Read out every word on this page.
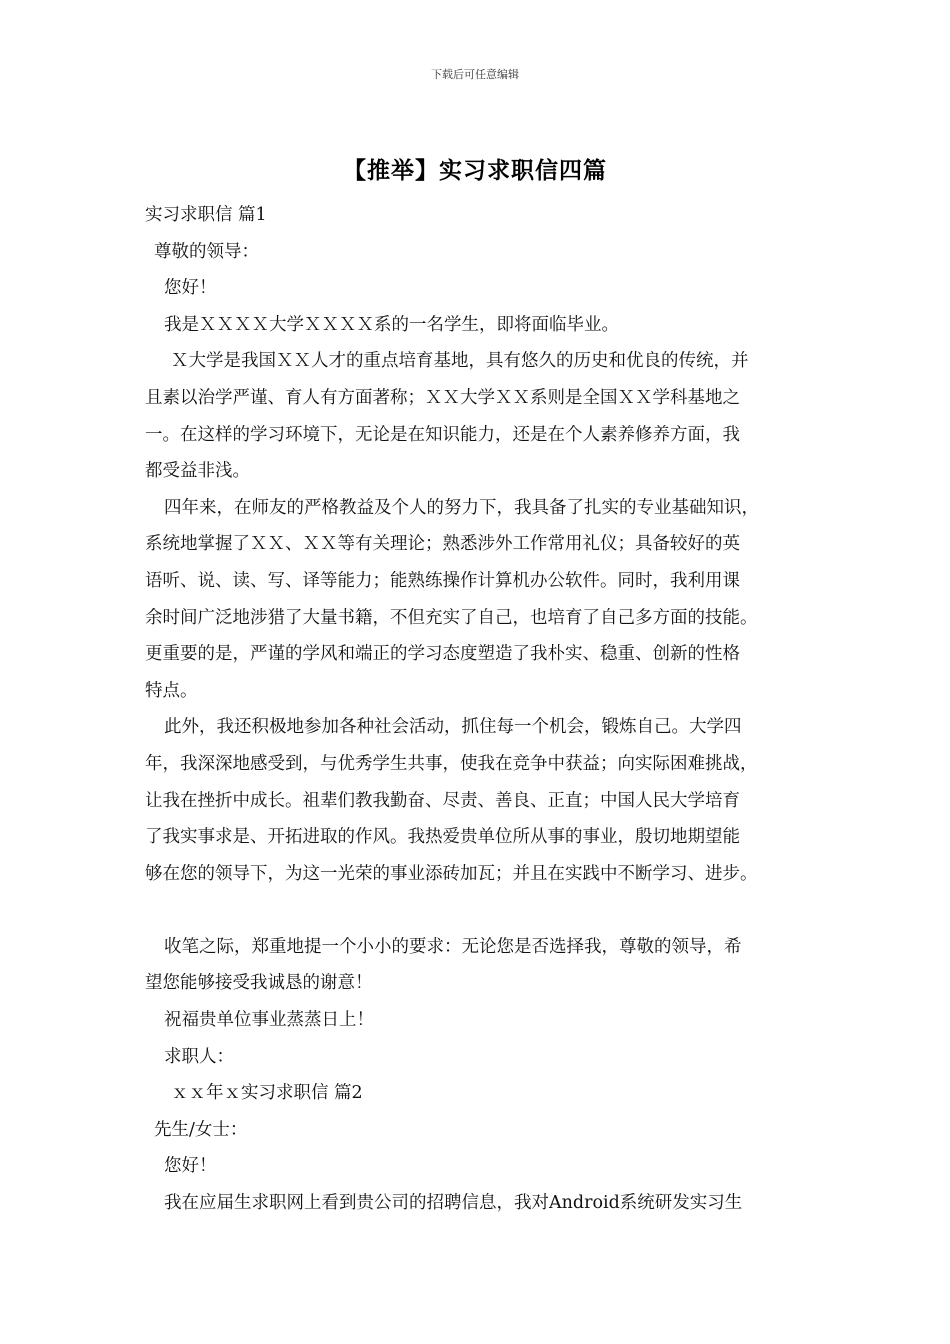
下载后可任意编辑
【推举】实习求职信四篇
实习求职信 篇1
尊敬的领导：
您好！
我是ＸＸＸＸ大学ＸＸＸＸ系的一名学生，即将面临毕业。
Ｘ大学是我国ＸＸ人才的重点培育基地，具有悠久的历史和优良的传统，并
且素以治学严谨、育人有方面著称；ＸＸ大学ＸＸ系则是全国ＸＸ学科基地之
一。在这样的学习环境下，无论是在知识能力，还是在个人素养修养方面，我
都受益非浅。
四年来，在师友的严格教益及个人的努力下，我具备了扎实的专业基础知识，
系统地掌握了ＸＸ、ＸＸ等有关理论；熟悉涉外工作常用礼仪；具备较好的英
语听、说、读、写、译等能力；能熟练操作计算机办公软件。同时，我利用课
余时间广泛地涉猎了大量书籍，不但充实了自己，也培育了自己多方面的技能。
更重要的是，严谨的学风和端正的学习态度塑造了我朴实、稳重、创新的性格
特点。
此外，我还积极地参加各种社会活动，抓住每一个机会，锻炼自己。大学四
年，我深深地感受到，与优秀学生共事，使我在竞争中获益；向实际困难挑战，
让我在挫折中成长。祖辈们教我勤奋、尽责、善良、正直；中国人民大学培育
了我实事求是、开拓进取的作风。我热爱贵单位所从事的事业，殷切地期望能
够在您的领导下，为这一光荣的事业添砖加瓦；并且在实践中不断学习、进步。
收笔之际，郑重地提一个小小的要求：无论您是否选择我，尊敬的领导，希
望您能够接受我诚恳的谢意！
祝福贵单位事业蒸蒸日上！
求职人：
ｘｘ年ｘ实习求职信 篇2
先生/女士：
您好！
我在应届生求职网上看到贵公司的招聘信息，我对Android系统研发实习生
